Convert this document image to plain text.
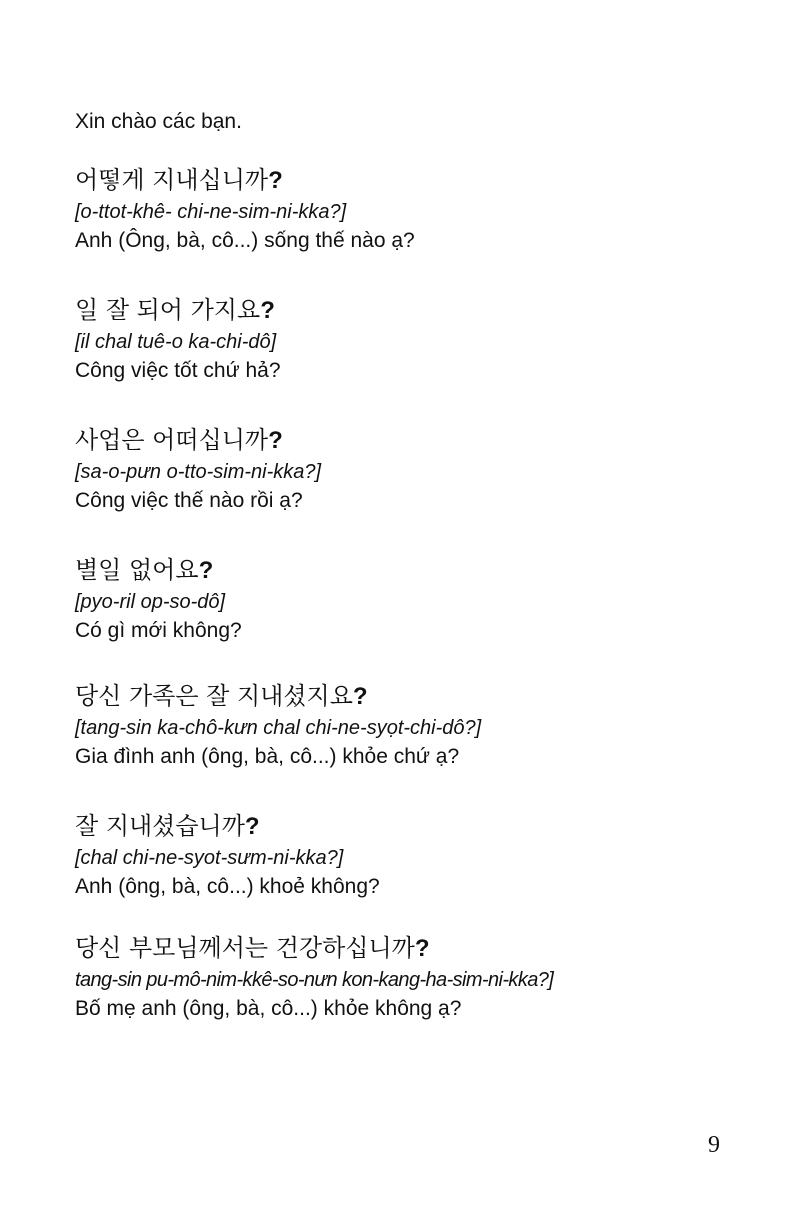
Xin chào các bạn.
어떻게 지내십니까?
[o-ttot-khê- chi-ne-sim-ni-kka?]
Anh (Ông, bà, cô...) sống thế nào ạ?
일 잘 되어 가지요?
[il chal tuê-o ka-chi-dô]
Công việc tốt chứ hả?
사업은 어떠십니까?
[sa-o-pưn o-tto-sim-ni-kka?]
Công việc thế nào rồi ạ?
별일 없어요?
[pyo-ril op-so-dô]
Có gì mới không?
당신 가족은 잘 지내셨지요?
[tang-sin ka-chô-kưn chal chi-ne-syọt-chi-dô?]
Gia đình anh (ông, bà, cô...) khỏe chứ ạ?
잘 지내셨습니까?
[chal chi-ne-syot-sưm-ni-kka?]
Anh (ông, bà, cô...) khoẻ không?
당신 부모님께서는 건강하십니까?
tang-sin pu-mô-nim-kkê-so-nưn kon-kang-ha-sim-ni-kka?]
Bố mẹ anh (ông, bà, cô...) khỏe không ạ?
9
